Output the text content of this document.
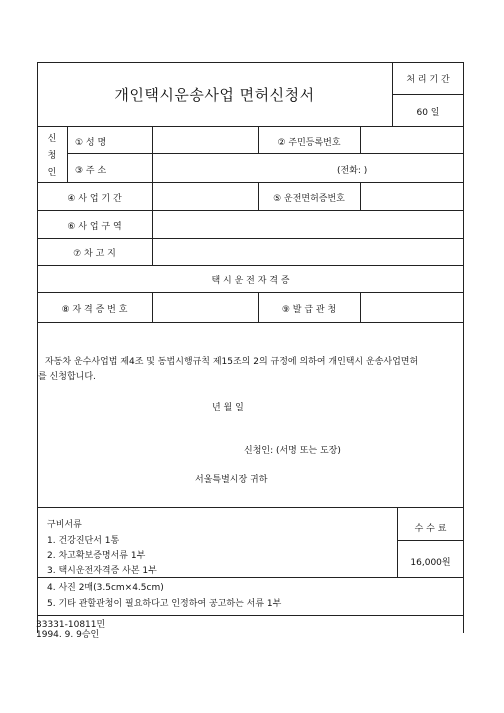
개인택시운송사업 면허신청서
처 리 기 간
60 일
신
청
인
① 성 명	② 주민등록번호
③ 주 소	(전화: )
④ 사 업 기 간	⑤ 운전면허증번호
⑥ 사 업 구 역
⑦ 차 고 지
택 시 운 전 자 격 증
⑧ 자 격 증 번 호	⑨ 발 급 관 청
자동차 운수사업법 제4조 및 동법시행규칙 제15조의 2의 규정에 의하여 개인택시 운송사업면허
를 신청합니다.
년 월 일
신청인: (서명 또는 도장)
서울특별시장 귀하
구비서류
1. 건강진단서 1통
2. 차고확보증명서류 1부
3. 택시운전자격증 사본 1부
4. 사진 2매(3.5cm×4.5cm)
5. 기타 관할관청이 필요하다고 인정하여 공고하는 서류 1부
수 수 료
16,000원
33331-10811민
1994. 9. 9승인
